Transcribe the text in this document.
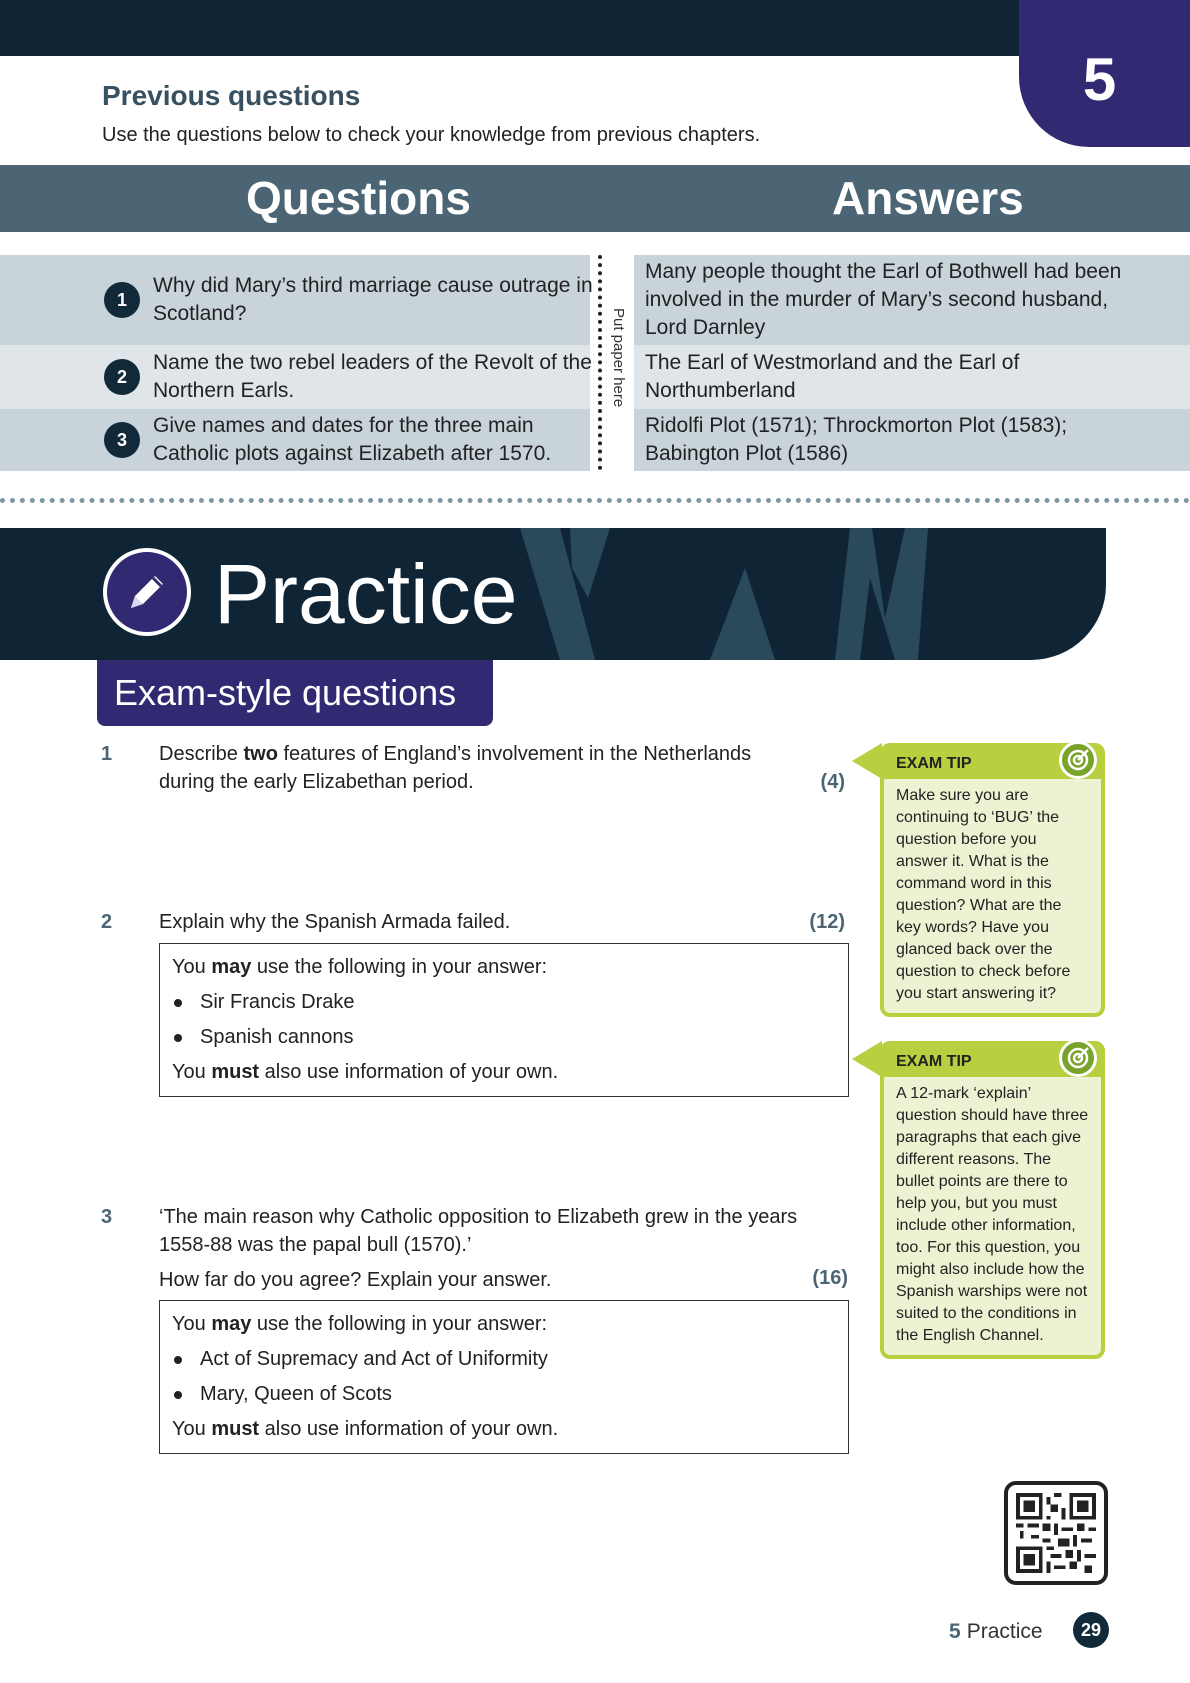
5
Previous questions
Use the questions below to check your knowledge from previous chapters.
Questions	Answers
1
Why did Mary’s third marriage cause outrage in Scotland?
Many people thought the Earl of Bothwell had been involved in the murder of Mary’s second husband, Lord Darnley
2
Name the two rebel leaders of the Revolt of the Northern Earls.
The Earl of Westmorland and the Earl of Northumberland
3
Give names and dates for the three main Catholic plots against Elizabeth after 1570.
Ridolfi Plot (1571); Throckmorton Plot (1583); Babington Plot (1586)
Put paper here
Practice
Exam-style questions
1 Describe two features of England’s involvement in the Netherlands during the early Elizabethan period.	(4)
2 Explain why the Spanish Armada failed.	(12)
You may use the following in your answer:
Sir Francis Drake
Spanish cannons
You must also use information of your own.
3 ‘The main reason why Catholic opposition to Elizabeth grew in the years 1558-88 was the papal bull (1570).’
How far do you agree? Explain your answer.	(16)
You may use the following in your answer:
Act of Supremacy and Act of Uniformity
Mary, Queen of Scots
You must also use information of your own.
EXAM TIP
Make sure you are continuing to ‘BUG’ the question before you answer it. What is the command word in this question? What are the key words? Have you glanced back over the question to check before you start answering it?
EXAM TIP
A 12-mark ‘explain’ question should have three paragraphs that each give different reasons. The bullet points are there to help you, but you must include other information, too. For this question, you might also include how the Spanish warships were not suited to the conditions in the English Channel.
5 Practice	29
